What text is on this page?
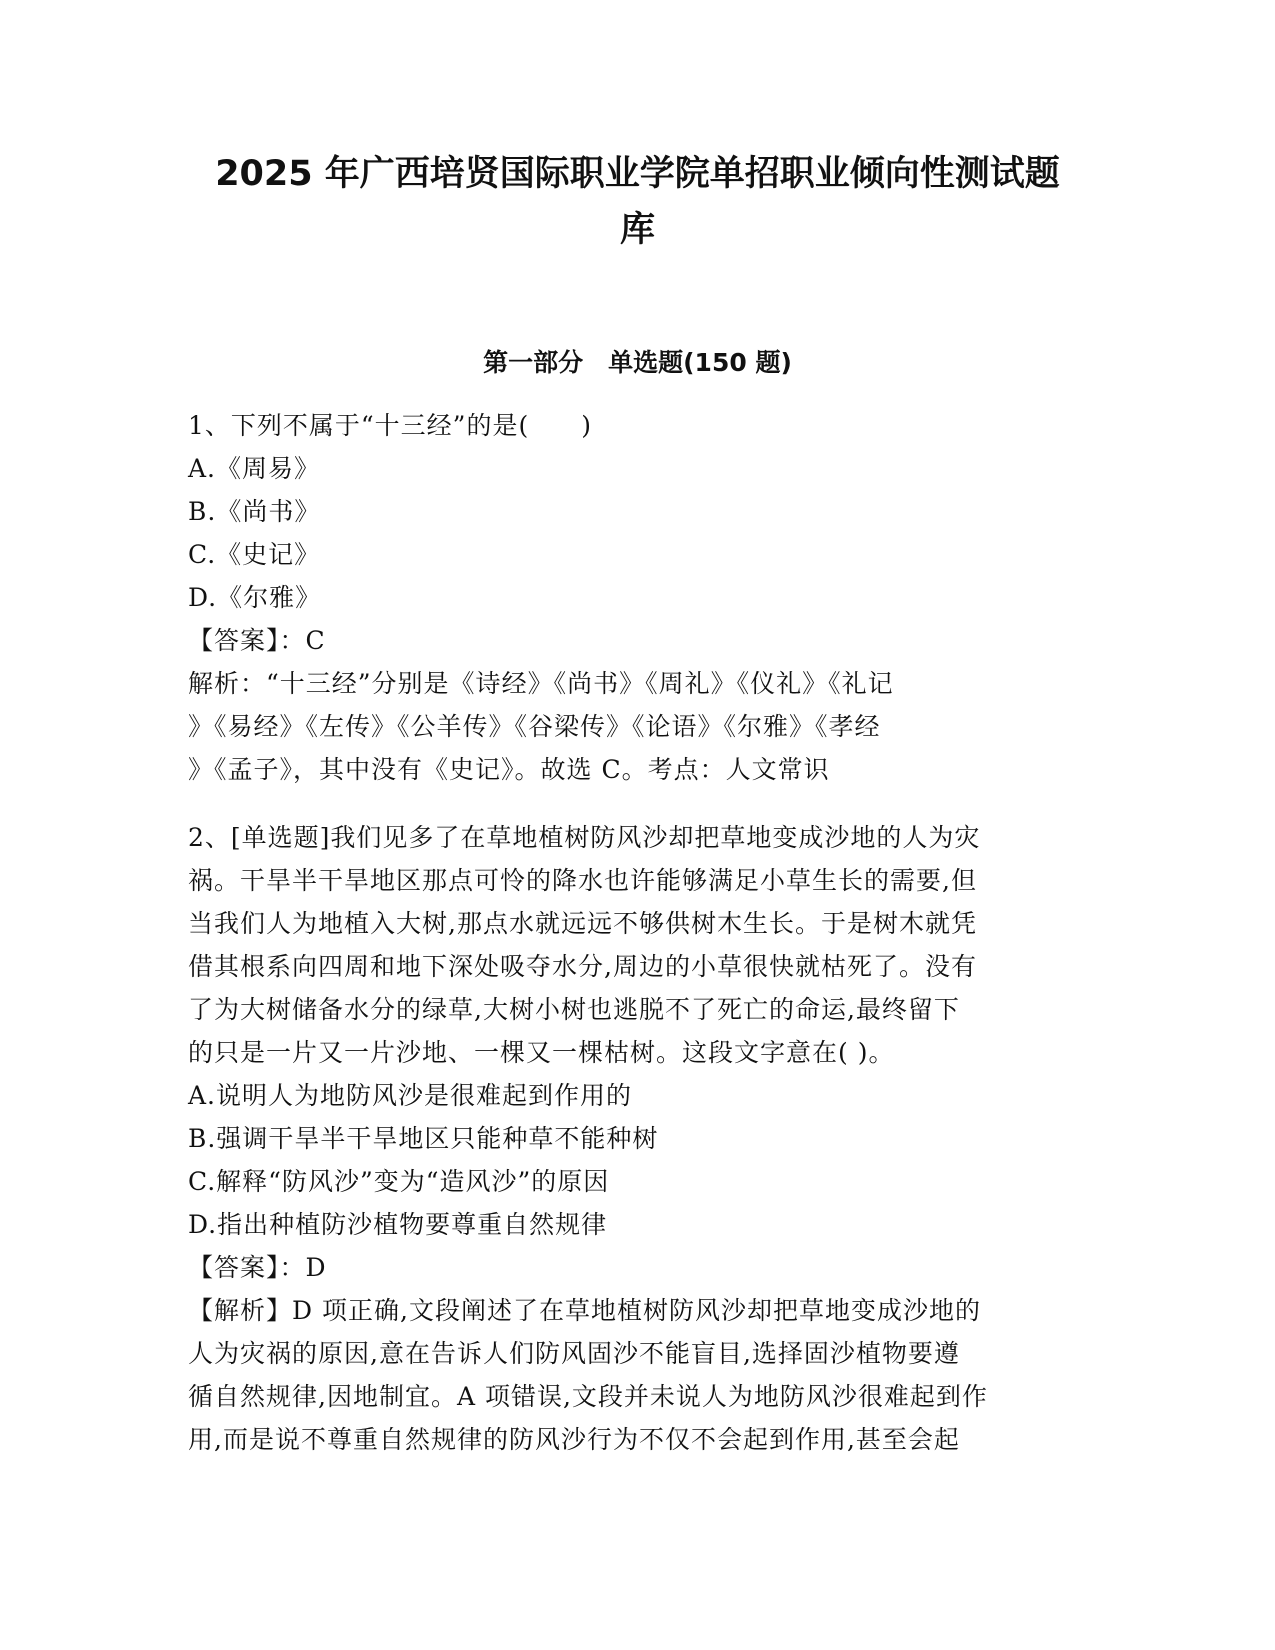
2025 年广西培贤国际职业学院单招职业倾向性测试题
库
第一部分　单选题(150 题)
1、下列不属于“十三经”的是(　　)
A.《周易》
B.《尚书》
C.《史记》
D.《尔雅》
【答案】：C
解析：“十三经”分别是《诗经》《尚书》《周礼》《仪礼》《礼记
》《易经》《左传》《公羊传》《谷梁传》《论语》《尔雅》《孝经
》《孟子》，其中没有《史记》。故选 C。考点：人文常识
2、[单选题]我们见多了在草地植树防风沙却把草地变成沙地的人为灾
祸。干旱半干旱地区那点可怜的降水也许能够满足小草生长的需要,但
当我们人为地植入大树,那点水就远远不够供树木生长。于是树木就凭
借其根系向四周和地下深处吸夺水分,周边的小草很快就枯死了。没有
了为大树储备水分的绿草,大树小树也逃脱不了死亡的命运,最终留下
的只是一片又一片沙地、一棵又一棵枯树。这段文字意在( )。
A.说明人为地防风沙是很难起到作用的
B.强调干旱半干旱地区只能种草不能种树
C.解释“防风沙”变为“造风沙”的原因
D.指出种植防沙植物要尊重自然规律
【答案】：D
【解析】D 项正确,文段阐述了在草地植树防风沙却把草地变成沙地的
人为灾祸的原因,意在告诉人们防风固沙不能盲目,选择固沙植物要遵
循自然规律,因地制宜。A 项错误,文段并未说人为地防风沙很难起到作
用,而是说不尊重自然规律的防风沙行为不仅不会起到作用,甚至会起
